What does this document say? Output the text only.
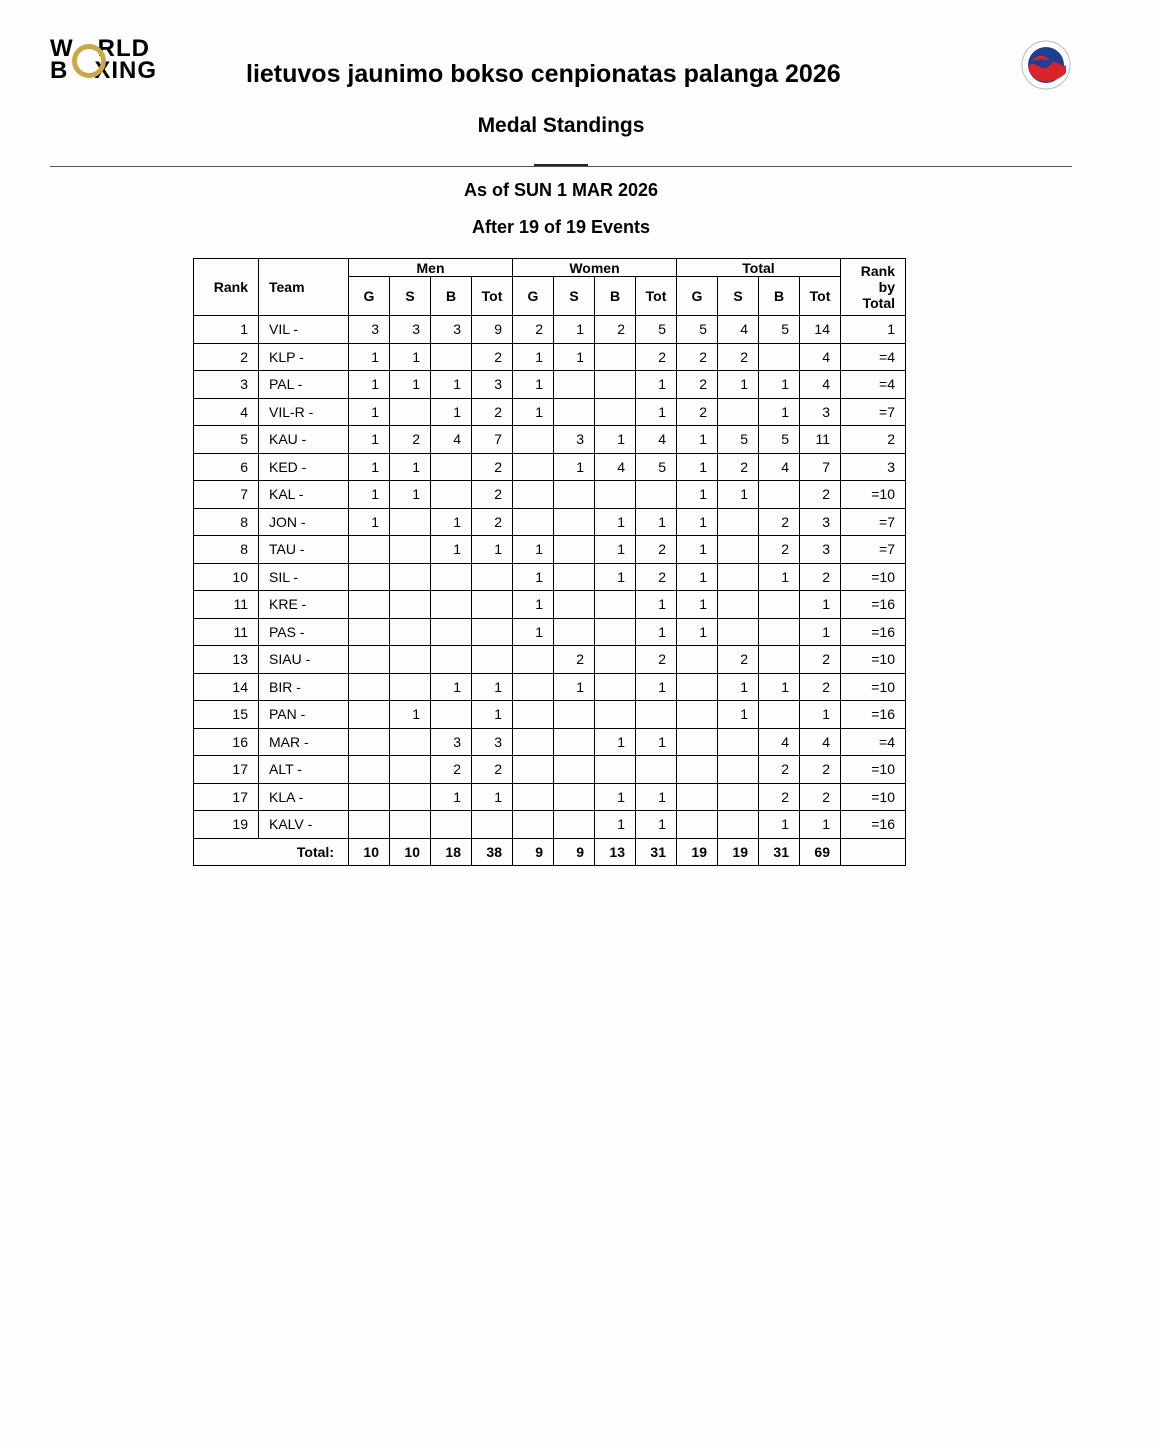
W RLD
B XING	lietuvos jaunimo bokso cenpionatas palanga 2026
Medal Standings
As of SUN 1 MAR 2026
After 19 of 19 Events
Rank	Team	Men				Women				Total				Rank
by
Total

		G	S	B	Tot	G	S	B	Tot	G	S	B	Tot	
1	VIL -	3	3	3	9	2	1	2	5	5	4	5	14	1
2	KLP -	1	1		2	1	1		2	2	2		4	=4
3	PAL -	1	1	1	3	1			1	2	1	1	4	=4
4	VIL-R -	1		1	2	1			1	2		1	3	=7
5	KAU -	1	2	4	7		3	1	4	1	5	5	11	2
6	KED -	1	1		2		1	4	5	1	2	4	7	3
7	KAL -	1	1		2					1	1		2	=10
8	JON -	1		1	2			1	1	1		2	3	=7
8	TAU -			1	1	1		1	2	1		2	3	=7
10	SIL -					1		1	2	1		1	2	=10
11	KRE -					1			1	1			1	=16
11	PAS -					1			1	1			1	=16
13	SIAU -						2		2		2		2	=10
14	BIR -			1	1		1		1		1	1	2	=10
15	PAN -		1		1						1		1	=16
16	MAR -			3	3			1	1			4	4	=4
17	ALT -			2	2							2	2	=10
17	KLA -			1	1			1	1			2	2	=10
19	KALV -							1	1			1	1	=16
Total:		10	10	18	38	9	9	13	31	19	19	31	69	
